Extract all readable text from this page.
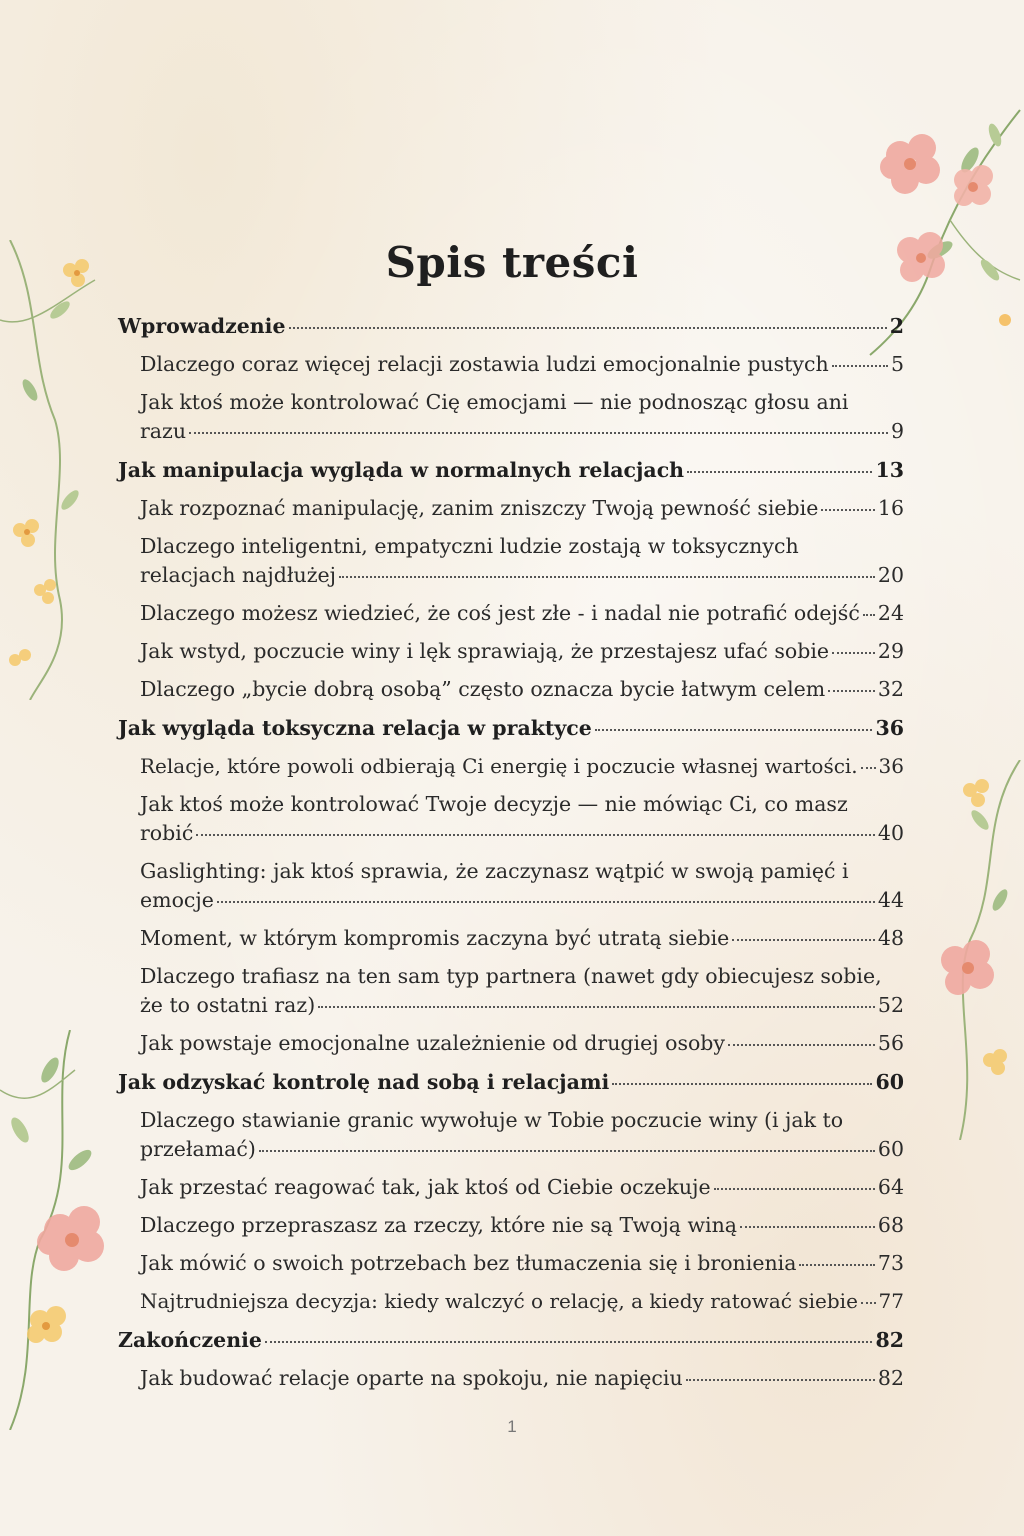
Spis treści
Wprowadzenie	2
Dlaczego coraz więcej relacji zostawia ludzi emocjonalnie pustych	5
Jak ktoś może kontrolować Cię emocjami — nie podnosząc głosu ani
razu	9
Jak manipulacja wygląda w normalnych relacjach	13
Jak rozpoznać manipulację, zanim zniszczy Twoją pewność siebie	16
Dlaczego inteligentni, empatyczni ludzie zostają w toksycznych
relacjach najdłużej	20
Dlaczego możesz wiedzieć, że coś jest złe - i nadal nie potrafić odejść 24
Jak wstyd, poczucie winy i lęk sprawiają, że przestajesz ufać sobie 29
Dlaczego „bycie dobrą osobą” często oznacza bycie łatwym celem	32
Jak wygląda toksyczna relacja w praktyce	36
Relacje, które powoli odbierają Ci energię i poczucie własnej wartości. 36
Jak ktoś może kontrolować Twoje decyzje — nie mówiąc Ci, co masz
robić	40
Gaslighting: jak ktoś sprawia, że zaczynasz wątpić w swoją pamięć i
emocje	44
Moment, w którym kompromis zaczyna być utratą siebie	48
Dlaczego trafiasz na ten sam typ partnera (nawet gdy obiecujesz sobie,
że to ostatni raz)	52
Jak powstaje emocjonalne uzależnienie od drugiej osoby	56
Jak odzyskać kontrolę nad sobą i relacjami	60
Dlaczego stawianie granic wywołuje w Tobie poczucie winy (i jak to
przełamać)	60
Jak przestać reagować tak, jak ktoś od Ciebie oczekuje	64
Dlaczego przepraszasz za rzeczy, które nie są Twoją winą	68
Jak mówić o swoich potrzebach bez tłumaczenia się i bronienia	73
Najtrudniejsza decyzja: kiedy walczyć o relację, a kiedy ratować siebie 77
Zakończenie	82
Jak budować relacje oparte na spokoju, nie napięciu	82
1
